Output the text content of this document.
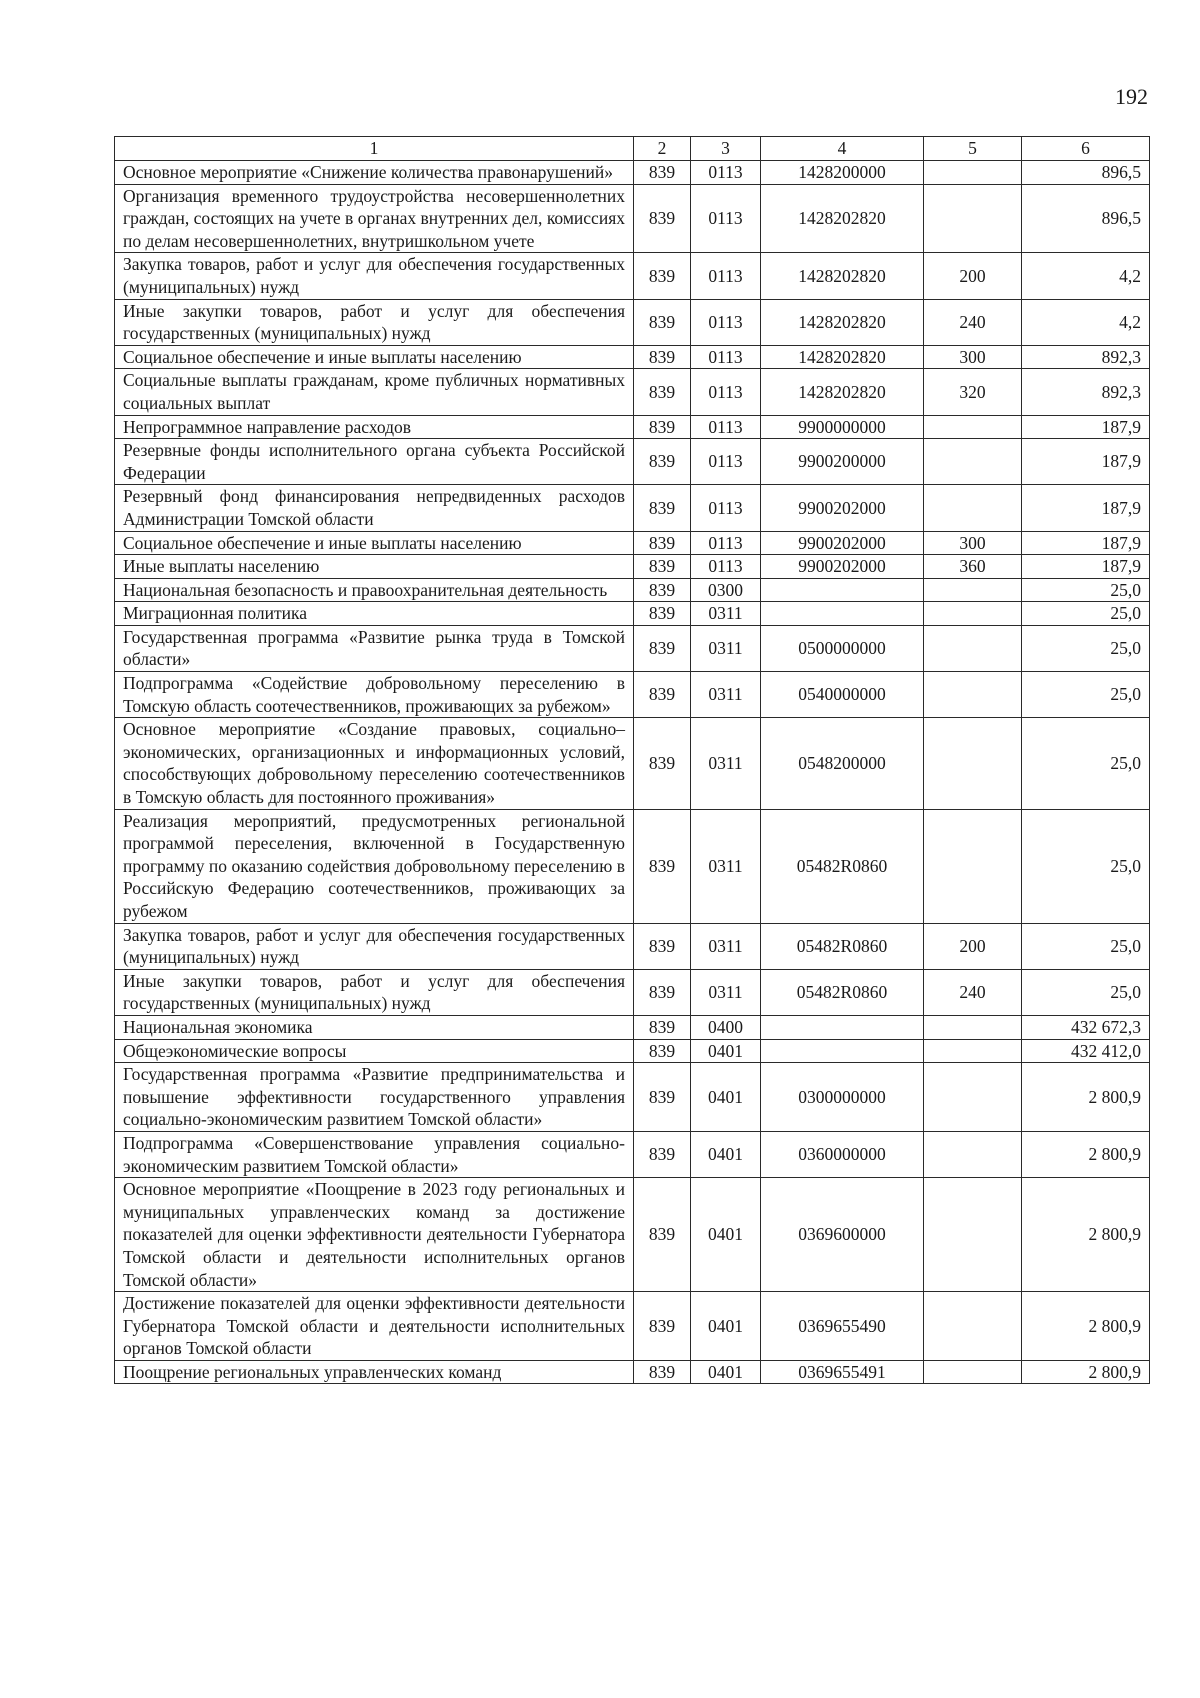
192
1	2	3	4	5	6
Основное мероприятие «Снижение количества правонарушений»	839	0113	1428200000		896,5
Организация временного трудоустройства несовершеннолетних граждан, состоящих на учете в органах внутренних дел, комиссиях по делам несовершеннолетних, внутришкольном учете	839	0113	1428202820		896,5
Закупка товаров, работ и услуг для обеспечения государственных (муниципальных) нужд	839	0113	1428202820	200	4,2
Иные закупки товаров, работ и услуг для обеспечения государственных (муниципальных) нужд	839	0113	1428202820	240	4,2
Социальное обеспечение и иные выплаты населению	839	0113	1428202820	300	892,3
Социальные выплаты гражданам, кроме публичных нормативных социальных выплат	839	0113	1428202820	320	892,3
Непрограммное направление расходов	839	0113	9900000000		187,9
Резервные фонды исполнительного органа субъекта Российской Федерации	839	0113	9900200000		187,9
Резервный фонд финансирования непредвиденных расходов Администрации Томской области	839	0113	9900202000		187,9
Социальное обеспечение и иные выплаты населению	839	0113	9900202000	300	187,9
Иные выплаты населению	839	0113	9900202000	360	187,9
Национальная безопасность и правоохранительная деятельность	839	0300			25,0
Миграционная политика	839	0311			25,0
Государственная программа «Развитие рынка труда в Томской области»	839	0311	0500000000		25,0
Подпрограмма «Содействие добровольному переселению в Томскую область соотечественников, проживающих за рубежом»	839	0311	0540000000		25,0
Основное мероприятие «Создание правовых, социально–экономических, организационных и информационных условий, способствующих добровольному переселению соотечественников в Томскую область для постоянного проживания»	839	0311	0548200000		25,0
Реализация мероприятий, предусмотренных региональной программой переселения, включенной в Государственную программу по оказанию содействия добровольному переселению в Российскую Федерацию соотечественников, проживающих за рубежом	839	0311	05482R0860		25,0
Закупка товаров, работ и услуг для обеспечения государственных (муниципальных) нужд	839	0311	05482R0860	200	25,0
Иные закупки товаров, работ и услуг для обеспечения государственных (муниципальных) нужд	839	0311	05482R0860	240	25,0
Национальная экономика	839	0400			432 672,3
Общеэкономические вопросы	839	0401			432 412,0
Государственная программа «Развитие предпринимательства и повышение эффективности государственного управления социально-экономическим развитием Томской области»	839	0401	0300000000		2 800,9
Подпрограмма «Совершенствование управления социально-экономическим развитием Томской области»	839	0401	0360000000		2 800,9
Основное мероприятие «Поощрение в 2023 году региональных и муниципальных управленческих команд за достижение показателей для оценки эффективности деятельности Губернатора Томской области и деятельности исполнительных органов Томской области»	839	0401	0369600000		2 800,9
Достижение показателей для оценки эффективности деятельности Губернатора Томской области и деятельности исполнительных органов Томской области	839	0401	0369655490		2 800,9
Поощрение региональных управленческих команд	839	0401	0369655491		2 800,9
